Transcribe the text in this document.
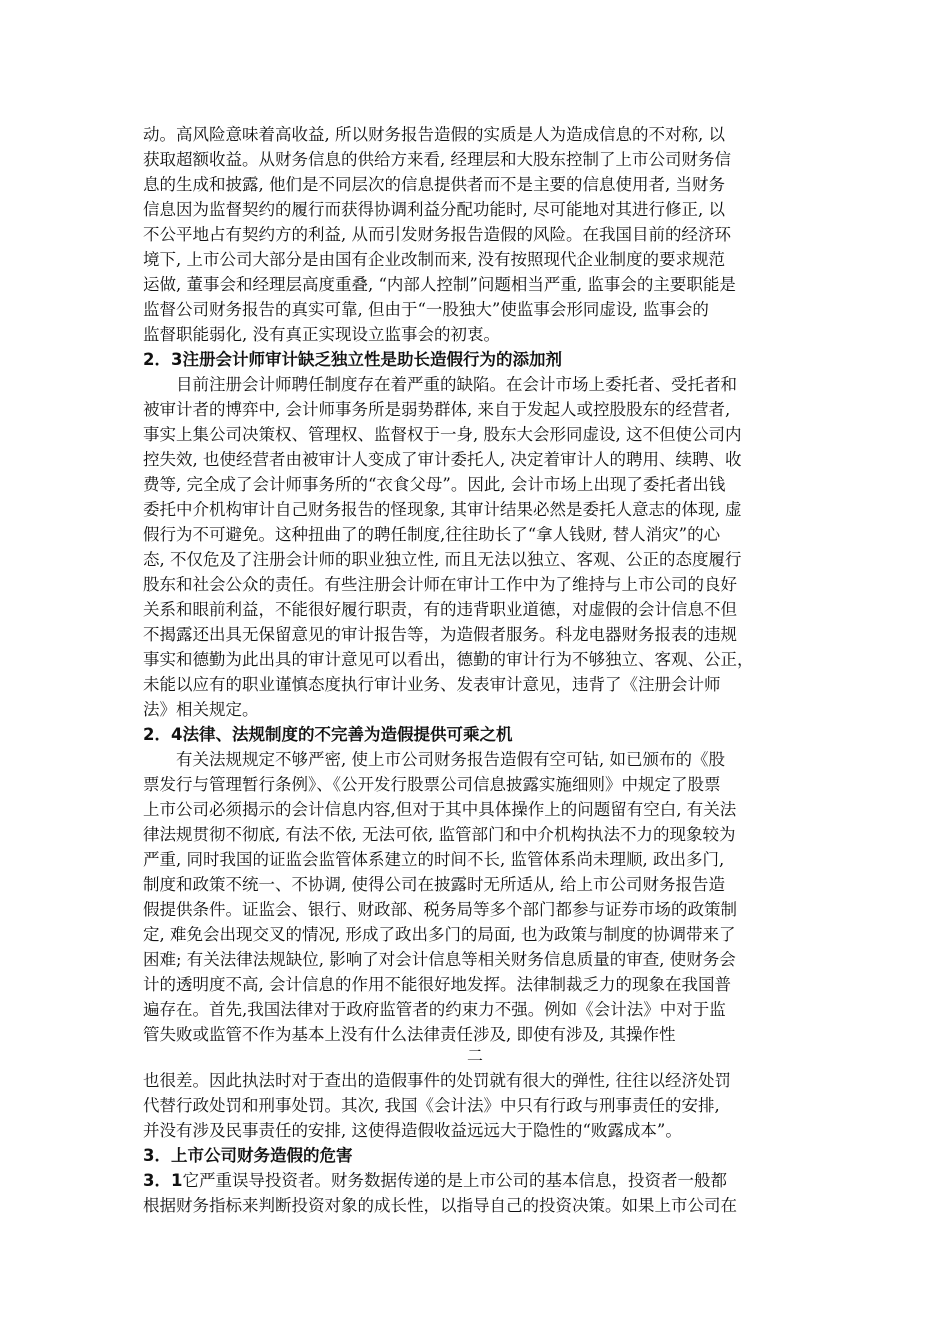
动。高风险意味着高收益, 所以财务报告造假的实质是人为造成信息的不对称, 以
获取超额收益。从财务信息的供给方来看, 经理层和大股东控制了上市公司财务信
息的生成和披露, 他们是不同层次的信息提供者而不是主要的信息使用者, 当财务
信息因为监督契约的履行而获得协调利益分配功能时, 尽可能地对其进行修正, 以
不公平地占有契约方的利益, 从而引发财务报告造假的风险。在我国目前的经济环
境下, 上市公司大部分是由国有企业改制而来, 没有按照现代企业制度的要求规范
运做, 董事会和经理层高度重叠, “内部人控制”问题相当严重, 监事会的主要职能是
监督公司财务报告的真实可靠, 但由于“一股独大”使监事会形同虚设, 监事会的
监督职能弱化, 没有真正实现设立监事会的初衷。
2．3注册会计师审计缺乏独立性是助长造假行为的添加剂
　　目前注册会计师聘任制度存在着严重的缺陷。在会计市场上委托者、受托者和
被审计者的博弈中, 会计师事务所是弱势群体, 来自于发起人或控股股东的经营者,
事实上集公司决策权、管理权、监督权于一身, 股东大会形同虚设, 这不但使公司内
控失效, 也使经营者由被审计人变成了审计委托人, 决定着审计人的聘用、续聘、收
费等, 完全成了会计师事务所的“衣食父母”。因此, 会计市场上出现了委托者出钱
委托中介机构审计自己财务报告的怪现象, 其审计结果必然是委托人意志的体现, 虚
假行为不可避免。这种扭曲了的聘任制度,往往助长了“拿人钱财, 替人消灾”的心
态, 不仅危及了注册会计师的职业独立性, 而且无法以独立、客观、公正的态度履行
股东和社会公众的责任。有些注册会计师在审计工作中为了维持与上市公司的良好
关系和眼前利益，不能很好履行职责，有的违背职业道德，对虚假的会计信息不但
不揭露还出具无保留意见的审计报告等，为造假者服务。科龙电器财务报表的违规
事实和德勤为此出具的审计意见可以看出，德勤的审计行为不够独立、客观、公正，
未能以应有的职业谨慎态度执行审计业务、发表审计意见，违背了《注册会计师
法》相关规定。
2．4法律、法规制度的不完善为造假提供可乘之机
　　有关法规规定不够严密, 使上市公司财务报告造假有空可钻, 如已颁布的《股
票发行与管理暂行条例》、《公开发行股票公司信息披露实施细则》中规定了股票
上市公司必须揭示的会计信息内容,但对于其中具体操作上的问题留有空白, 有关法
律法规贯彻不彻底, 有法不依, 无法可依, 监管部门和中介机构执法不力的现象较为
严重, 同时我国的证监会监管体系建立的时间不长, 监管体系尚未理顺, 政出多门,
制度和政策不统一、不协调, 使得公司在披露时无所适从, 给上市公司财务报告造
假提供条件。证监会、银行、财政部、税务局等多个部门都参与证券市场的政策制
定, 难免会出现交叉的情况, 形成了政出多门的局面, 也为政策与制度的协调带来了
困难; 有关法律法规缺位, 影响了对会计信息等相关财务信息质量的审查, 使财务会
计的透明度不高, 会计信息的作用不能很好地发挥。法律制裁乏力的现象在我国普
遍存在。首先,我国法律对于政府监管者的约束力不强。例如《会计法》中对于监
管失败或监管不作为基本上没有什么法律责任涉及, 即使有涉及, 其操作性
二
也很差。因此执法时对于查出的造假事件的处罚就有很大的弹性, 往往以经济处罚
代替行政处罚和刑事处罚。其次, 我国《会计法》中只有行政与刑事责任的安排,
并没有涉及民事责任的安排, 这使得造假收益远远大于隐性的“败露成本”。
3．上市公司财务造假的危害
3．1它严重误导投资者。财务数据传递的是上市公司的基本信息，投资者一般都
根据财务指标来判断投资对象的成长性，以指导自己的投资决策。如果上市公司在
